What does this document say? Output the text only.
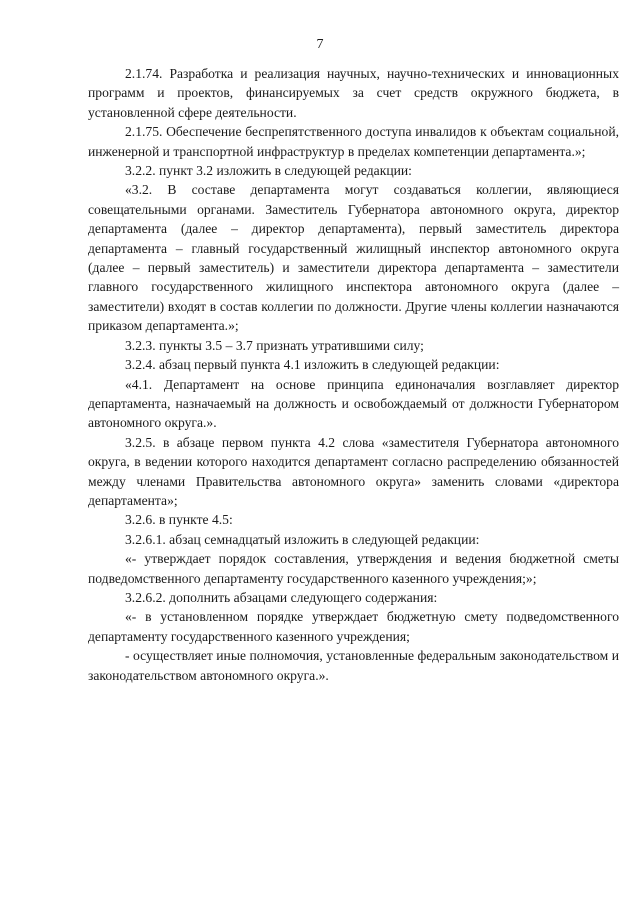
7

2.1.74. Разработка и реализация научных, научно-технических и инновационных программ и проектов, финансируемых за счет средств окружного бюджета, в установленной сфере деятельности.

2.1.75. Обеспечение беспрепятственного доступа инвалидов к объектам социальной, инженерной и транспортной инфраструктур в пределах компетенции департамента.»;

3.2.2. пункт 3.2 изложить в следующей редакции:

«3.2. В составе департамента могут создаваться коллегии, являющиеся совещательными органами. Заместитель Губернатора автономного округа, директор департамента (далее – директор департамента), первый заместитель директора департамента – главный государственный жилищный инспектор автономного округа (далее – первый заместитель) и заместители директора департамента – заместители главного государственного жилищного инспектора автономного округа (далее – заместители) входят в состав коллегии по должности. Другие члены коллегии назначаются приказом департамента.»;

3.2.3. пункты 3.5 – 3.7 признать утратившими силу;

3.2.4. абзац первый пункта 4.1 изложить в следующей редакции:

«4.1. Департамент на основе принципа единоначалия возглавляет директор департамента, назначаемый на должность и освобождаемый от должности Губернатором автономного округа.».

3.2.5. в абзаце первом пункта 4.2 слова «заместителя Губернатора автономного округа, в ведении которого находится департамент согласно распределению обязанностей между членами Правительства автономного округа» заменить словами «директора департамента»;

3.2.6. в пункте 4.5:

3.2.6.1. абзац семнадцатый изложить в следующей редакции:

«- утверждает порядок составления, утверждения и ведения бюджетной сметы подведомственного департаменту государственного казенного учреждения;»;

3.2.6.2. дополнить абзацами следующего содержания:

«- в установленном порядке утверждает бюджетную смету подведомственного департаменту государственного казенного учреждения;

- осуществляет иные полномочия, установленные федеральным законодательством и законодательством автономного округа.».
